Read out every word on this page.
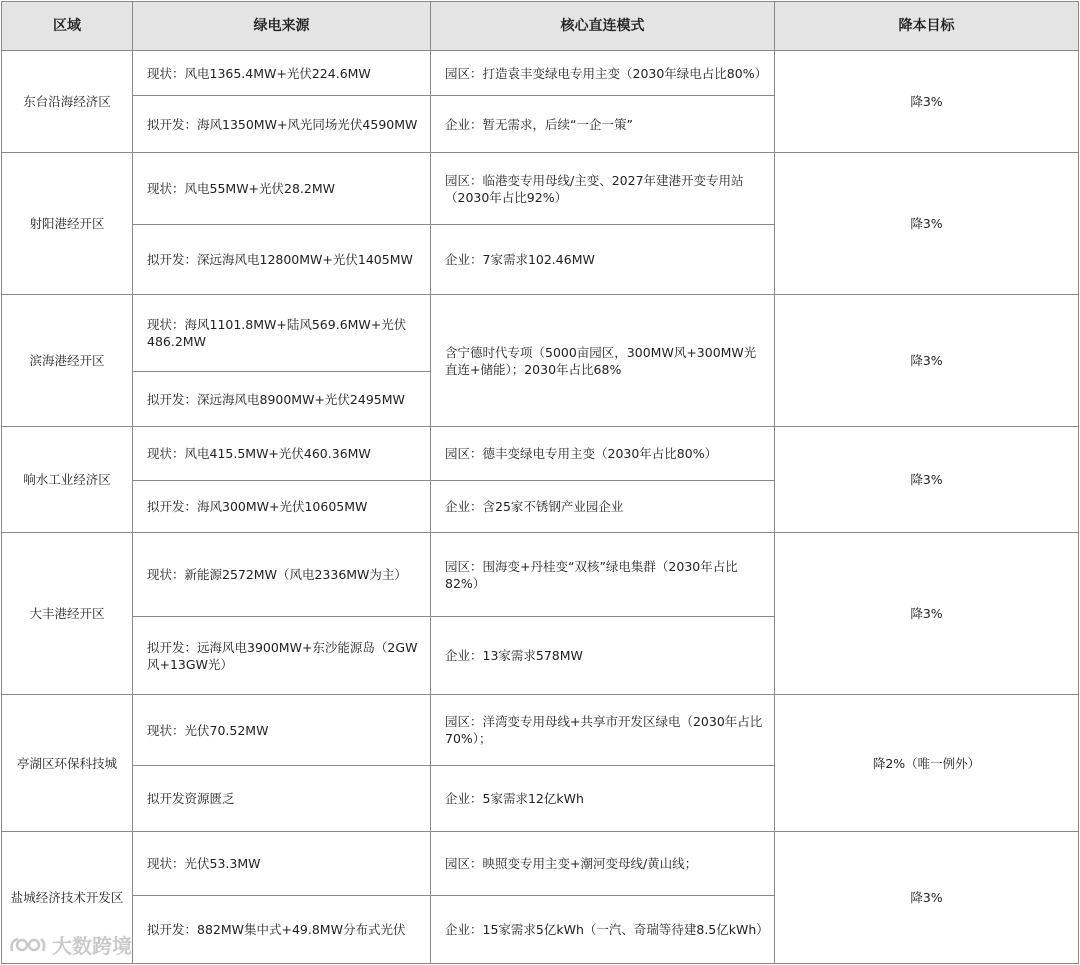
区域	绿电来源	核心直连模式	降本目标
东台沿海经济区	现状：风电1365.4MW+光伏224.6MW	园区：打造袁丰变绿电专用主变（2030年绿电占比80%）	降3%
	拟开发：海风1350MW+风光同场光伏4590MW	企业：暂无需求，后续“一企一策”	
射阳港经开区	现状：风电55MW+光伏28.2MW	园区：临港变专用母线/主变、2027年建港开变专用站（2030年占比92%）	降3%
	拟开发：深远海风电12800MW+光伏1405MW	企业：7家需求102.46MW	
滨海港经开区	现状：海风1101.8MW+陆风569.6MW+光伏486.2MW	含宁德时代专项（5000亩园区，300MW风+300MW光直连+储能）；2030年占比68%	降3%
	拟开发：深远海风电8900MW+光伏2495MW		
响水工业经济区	现状：风电415.5MW+光伏460.36MW	园区：德丰变绿电专用主变（2030年占比80%）	降3%
	拟开发：海风300MW+光伏10605MW	企业：含25家不锈钢产业园企业	
大丰港经开区	现状：新能源2572MW（风电2336MW为主）	园区：围海变+丹桂变“双核”绿电集群（2030年占比82%）	降3%
	拟开发：远海风电3900MW+东沙能源岛（2GW风+13GW光）	企业：13家需求578MW	
亭湖区环保科技城	现状：光伏70.52MW	园区：洋湾变专用母线+共享市开发区绿电（2030年占比70%）；	降2%（唯一例外）
	拟开发资源匮乏	企业：5家需求12亿kWh	
盐城经济技术开发区	现状：光伏53.3MW	园区：映照变专用主变+潮河变母线/黄山线；	降3%
	拟开发：882MW集中式+49.8MW分布式光伏	企业：15家需求5亿kWh（一汽、奇瑞等待建8.5亿kWh）	
大数跨境
